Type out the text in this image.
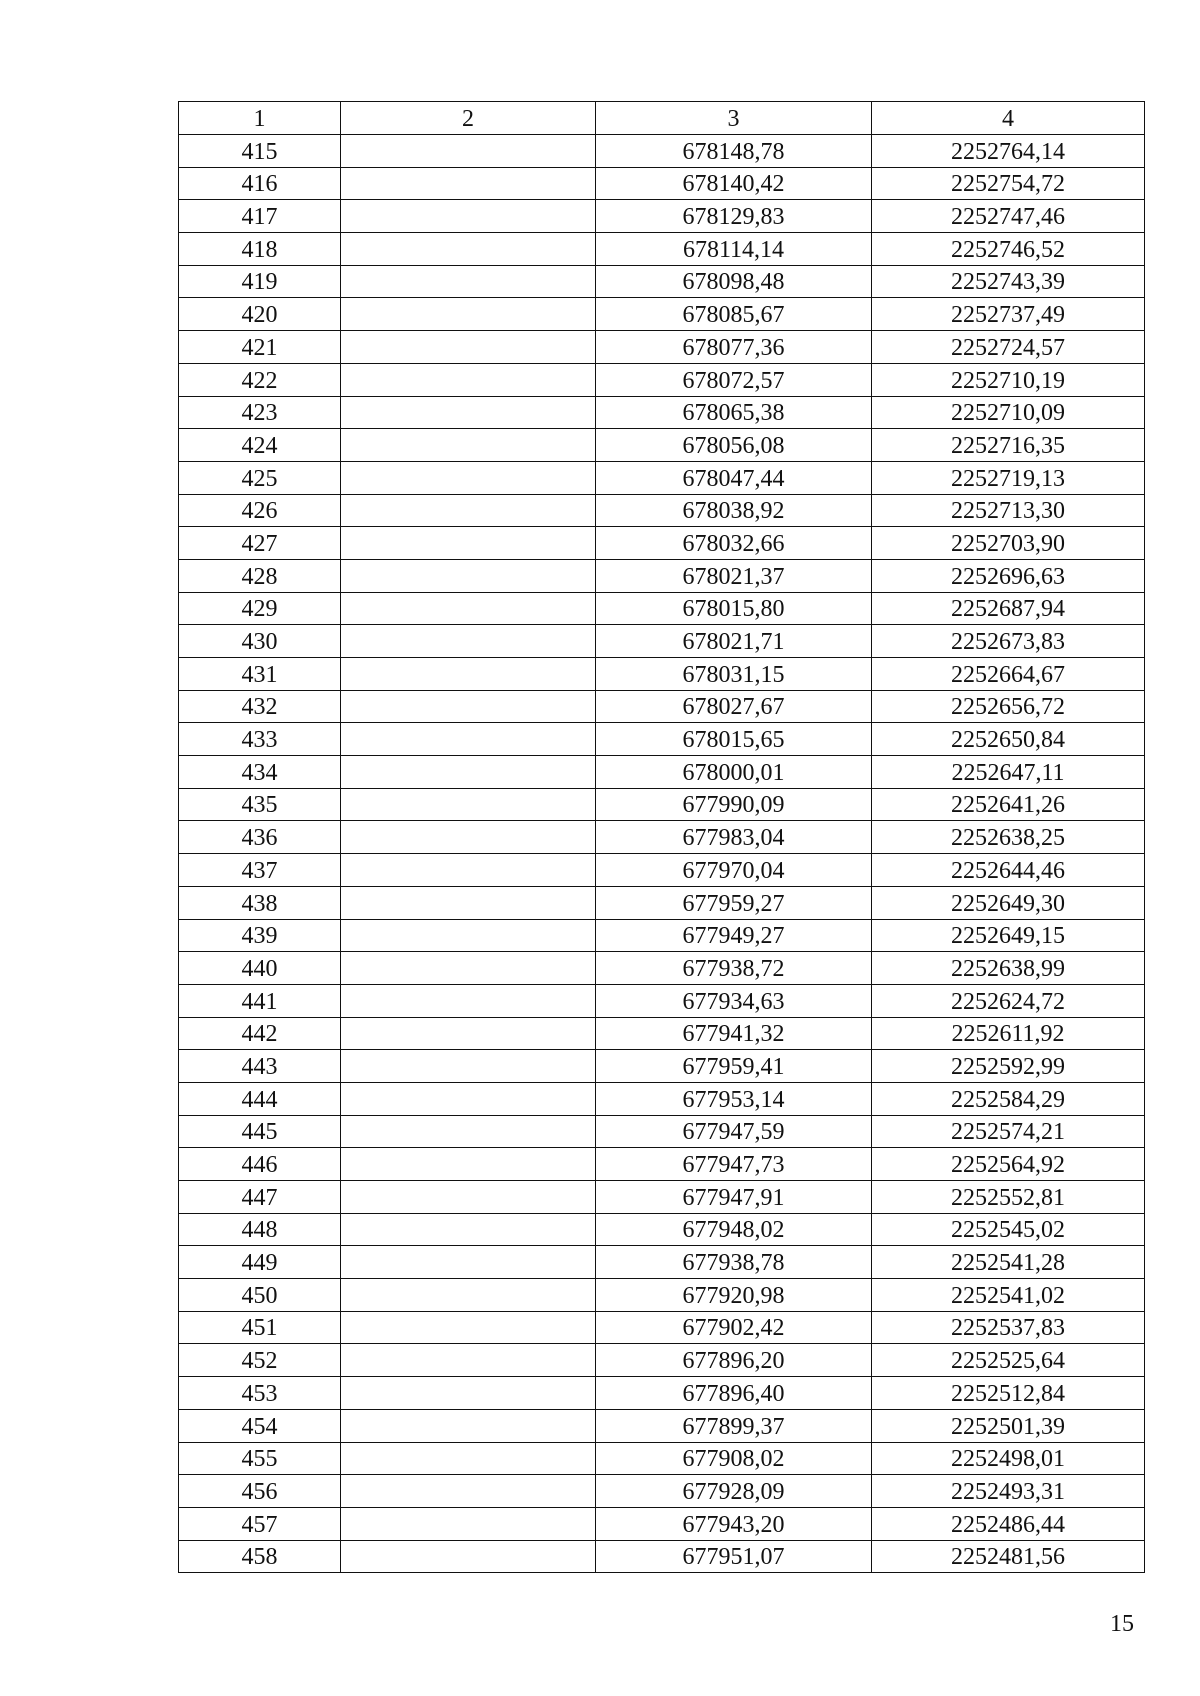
1	2	3	4
415		678148,78	2252764,14
416		678140,42	2252754,72
417		678129,83	2252747,46
418		678114,14	2252746,52
419		678098,48	2252743,39
420		678085,67	2252737,49
421		678077,36	2252724,57
422		678072,57	2252710,19
423		678065,38	2252710,09
424		678056,08	2252716,35
425		678047,44	2252719,13
426		678038,92	2252713,30
427		678032,66	2252703,90
428		678021,37	2252696,63
429		678015,80	2252687,94
430		678021,71	2252673,83
431		678031,15	2252664,67
432		678027,67	2252656,72
433		678015,65	2252650,84
434		678000,01	2252647,11
435		677990,09	2252641,26
436		677983,04	2252638,25
437		677970,04	2252644,46
438		677959,27	2252649,30
439		677949,27	2252649,15
440		677938,72	2252638,99
441		677934,63	2252624,72
442		677941,32	2252611,92
443		677959,41	2252592,99
444		677953,14	2252584,29
445		677947,59	2252574,21
446		677947,73	2252564,92
447		677947,91	2252552,81
448		677948,02	2252545,02
449		677938,78	2252541,28
450		677920,98	2252541,02
451		677902,42	2252537,83
452		677896,20	2252525,64
453		677896,40	2252512,84
454		677899,37	2252501,39
455		677908,02	2252498,01
456		677928,09	2252493,31
457		677943,20	2252486,44
458		677951,07	2252481,56
15
